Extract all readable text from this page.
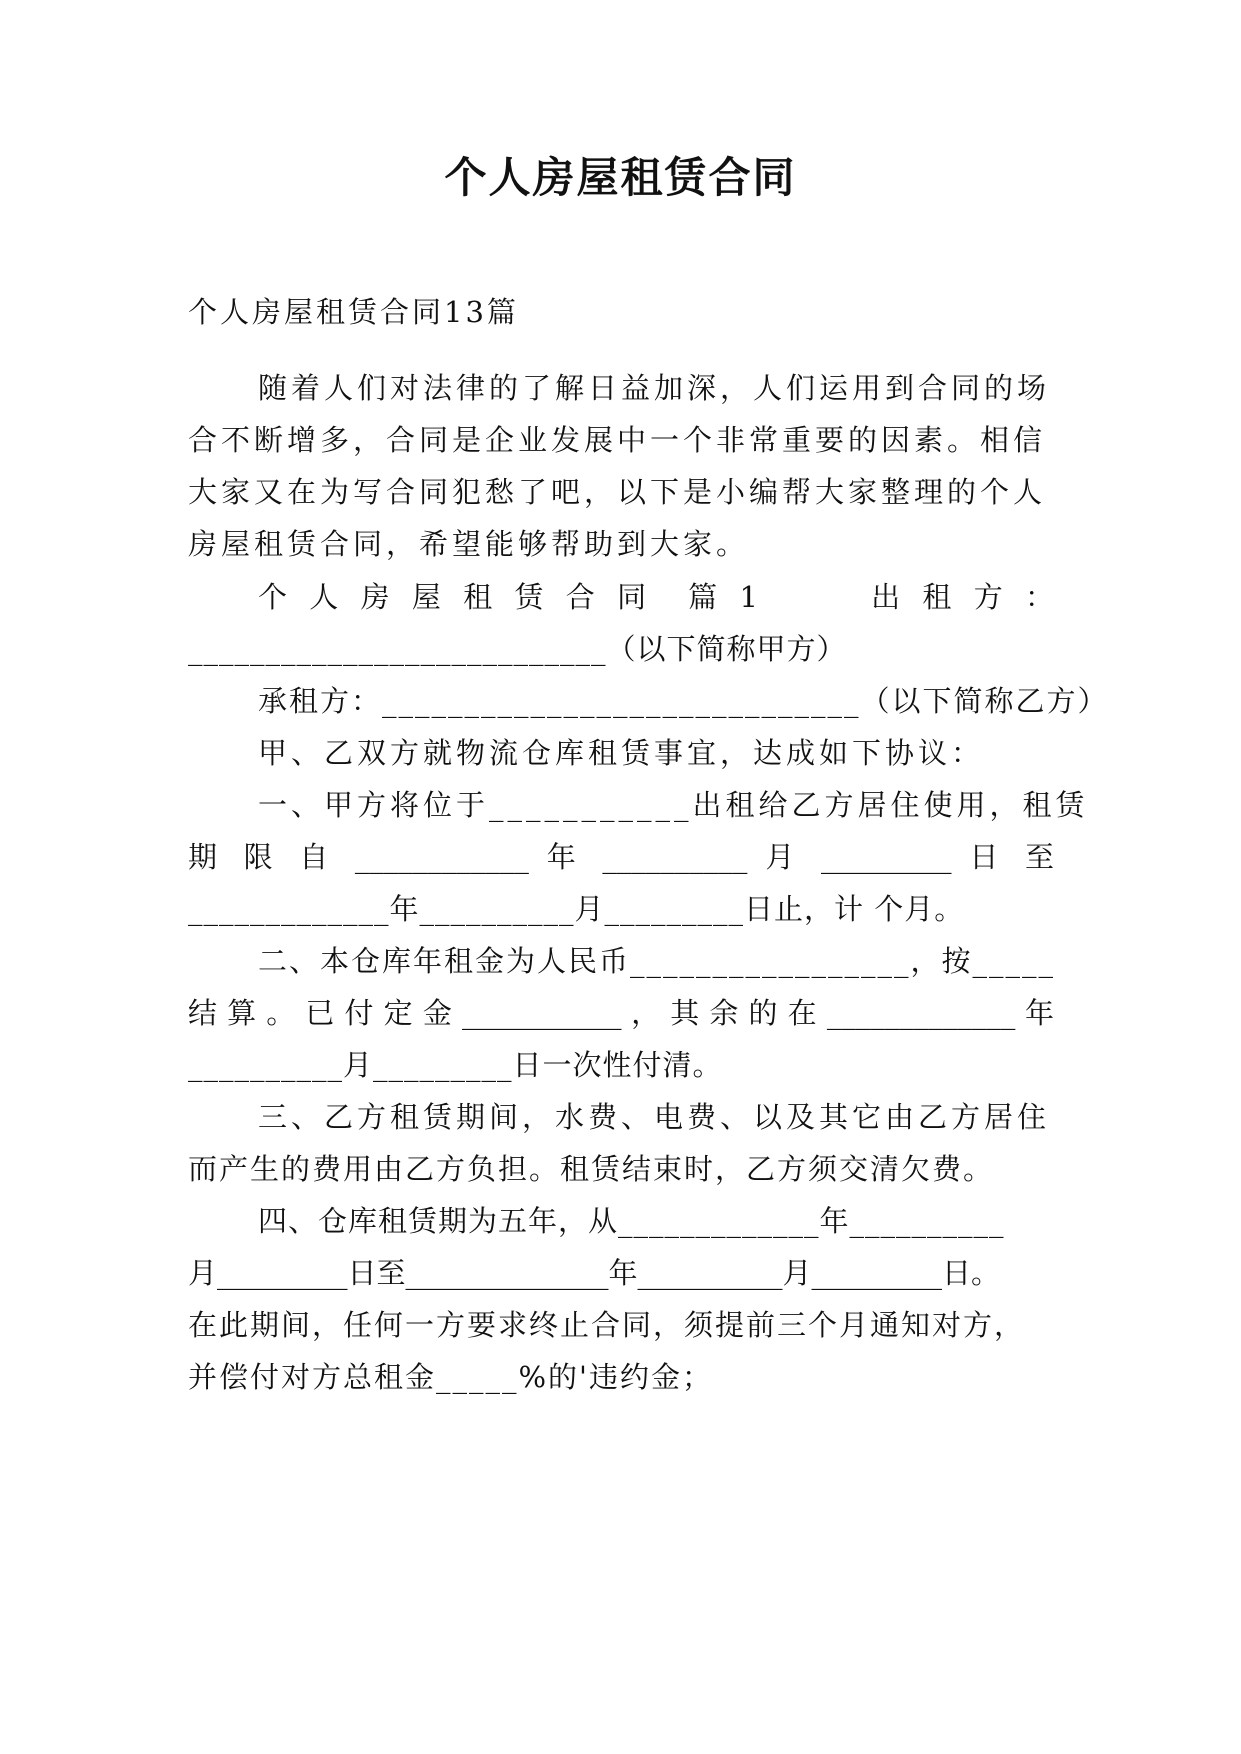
个人房屋租赁合同
个人房屋租赁合同13篇
随着人们对法律的了解日益加深，人们运用到合同的场
合不断增多，合同是企业发展中一个非常重要的因素。相信
大家又在为写合同犯愁了吧，以下是小编帮大家整理的个人
房屋租赁合同，希望能够帮助到大家。
个 人 房 屋 租 赁 合 同　篇 1　　　出 租 方 ：
___________________________（以下简称甲方）
承租方：_____________________________（以下简称乙方）
甲、乙双方就物流仓库租赁事宜，达成如下协议：
一、甲方将位于___________出租给乙方居住使用，租赁
期 限 自 ____________ 年 __________ 月 _________ 日 至
_____________年__________月_________日止，计 个月。
二、本仓库年租金为人民币_________________，按_____
结 算 。 已 付 定 金 ___________ ， 其 余 的 在 _____________ 年
__________月_________日一次性付清。
三、乙方租赁期间，水费、电费、以及其它由乙方居住
而产生的费用由乙方负担。租赁结束时，乙方须交清欠费。
四、仓库租赁期为五年，从_____________年__________
月_________日至______________年__________月_________日。
在此期间，任何一方要求终止合同，须提前三个月通知对方，
并偿付对方总租金_____%的'违约金；
